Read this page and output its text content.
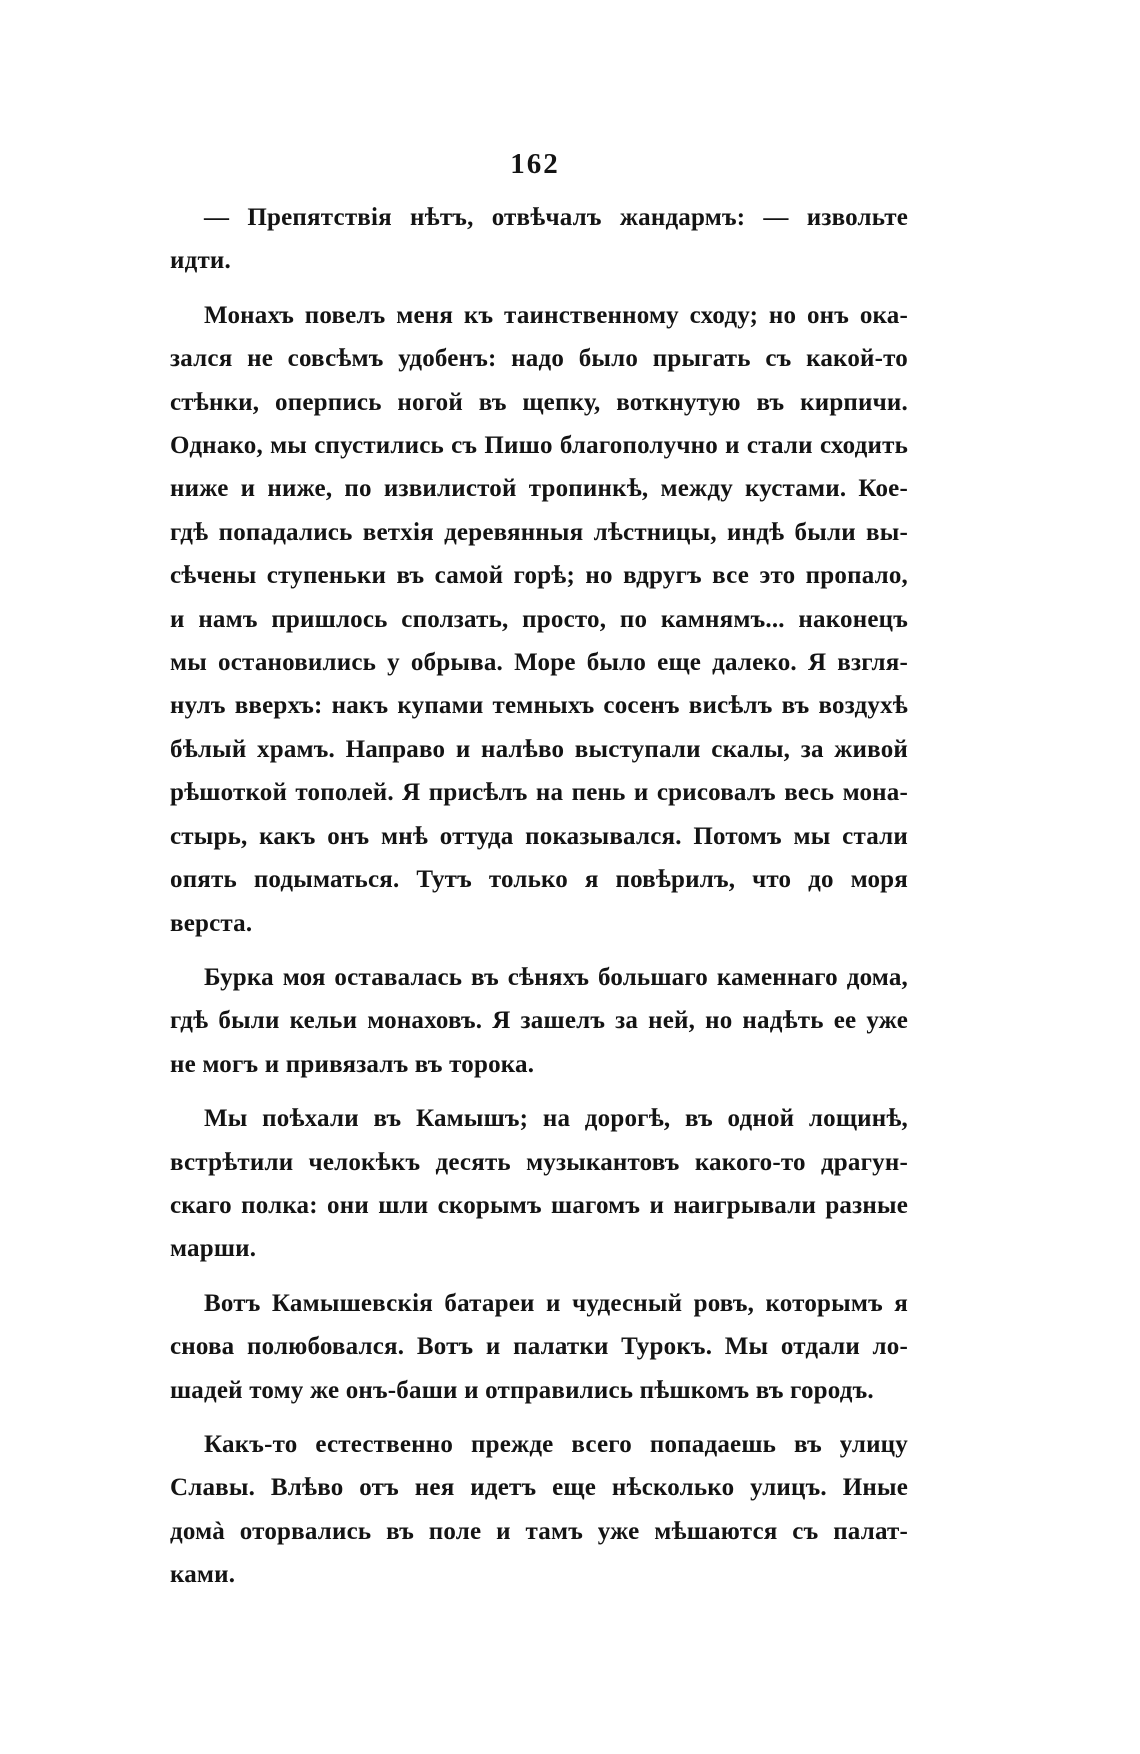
162

— Препятствія нѣтъ, отвѣчалъ жандармъ: — извольте
идти.

Монахъ повелъ меня къ таинственному сходу; но онъ ока-
зался не совсѣмъ удобенъ: надо было прыгать съ какой-то
стѣнки, оперпись ногой въ щепку, воткнутую въ кирпичи.
Однако, мы спустились съ Пишо благополучно и стали сходить
ниже и ниже, по извилистой тропинкѣ, между кустами. Кое-
гдѣ попадались ветхія деревянныя лѣстницы, индѣ были вы-
сѣчены ступеньки въ самой горѣ; но вдругъ все это пропало,
и намъ пришлось сползать, просто, по камнямъ... наконецъ
мы остановились у обрыва. Море было еще далеко. Я взгля-
нулъ вверхъ: накъ купами темныхъ сосенъ висѣлъ въ воздухѣ
бѣлый храмъ. Направо и налѣво выступали скалы, за живой
рѣшоткой тополей. Я присѣлъ на пень и срисовалъ весь мона-
стырь, какъ онъ мнѣ оттуда показывался. Потомъ мы стали
опять подыматься. Тутъ только я повѣрилъ, что до моря
верста.

Бурка моя оставалась въ сѣняхъ большаго каменнаго дома,
гдѣ были кельи монаховъ. Я зашелъ за ней, но надѣть ее уже
не могъ и привязалъ въ торока.

Мы поѣхали въ Камышъ; на дорогѣ, въ одной лощинѣ,
встрѣтили челокѣкъ десять музыкантовъ какого-то драгун-
скаго полка: они шли скорымъ шагомъ и наигрывали разные
марши.

Вотъ Камышевскія батареи и чудесный ровъ, которымъ я
снова полюбовался. Вотъ и палатки Турокъ. Мы отдали ло-
шадей тому же онъ-баши и отправились пѣшкомъ въ городъ.

Какъ-то естественно прежде всего попадаешь въ улицу
Славы. Влѣво отъ нея идетъ еще нѣсколько улицъ. Иные
домà оторвались въ поле и тамъ уже мѣшаются съ палат-
ками.
